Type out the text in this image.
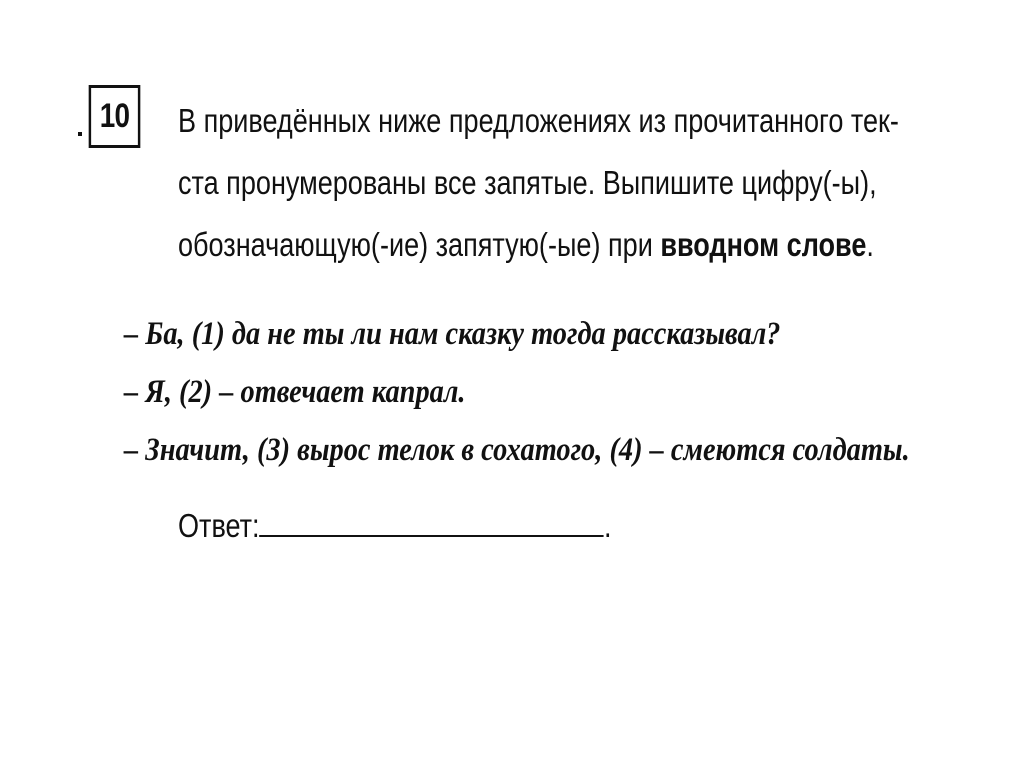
10 В приведённых ниже предложениях из прочитанного тек-
ста пронумерованы все запятые. Выпишите цифру(-ы),
обозначающую(-ие) запятую(-ые) при вводном слове.
– Ба, (1) да не ты ли нам сказку тогда рассказывал?
– Я, (2) – отвечает капрал.
– Значит, (3) вырос телок в сохатого, (4) – смеются солдаты.
Ответ:	.
